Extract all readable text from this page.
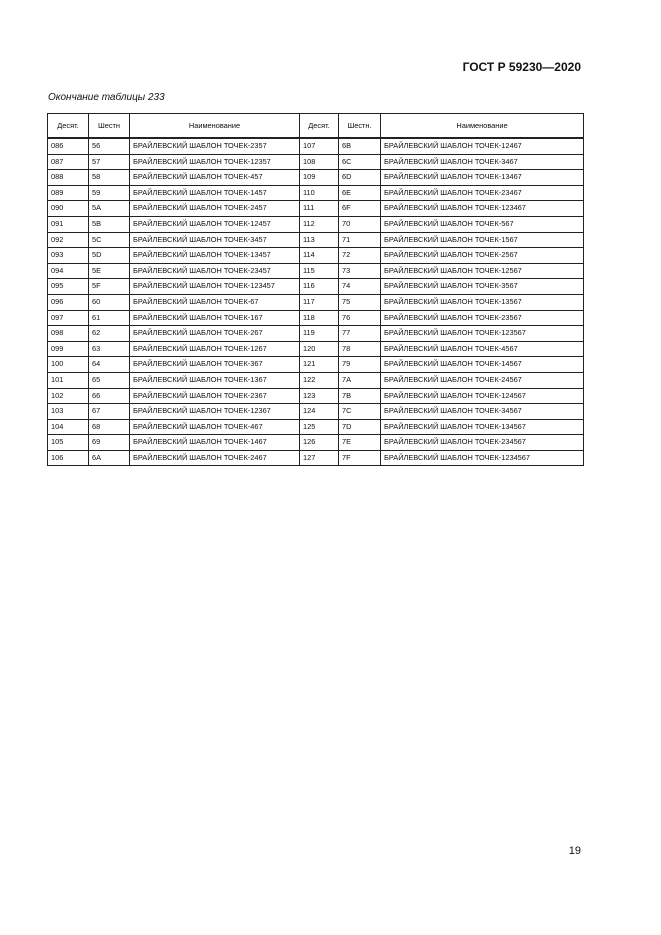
ГОСТ Р 59230—2020
Окончание таблицы 233
Десят.	Шестн	Наименование	Десят.	Шестн.	Наименование
086	56	БРАЙЛЕВСКИЙ ШАБЛОН ТОЧЕК-2357	107	6B	БРАЙЛЕВСКИЙ ШАБЛОН ТОЧЕК-12467
087	57	БРАЙЛЕВСКИЙ ШАБЛОН ТОЧЕК-12357	108	6C	БРАЙЛЕВСКИЙ ШАБЛОН ТОЧЕК-3467
088	58	БРАЙЛЕВСКИЙ ШАБЛОН ТОЧЕК-457	109	6D	БРАЙЛЕВСКИЙ ШАБЛОН ТОЧЕК-13467
089	59	БРАЙЛЕВСКИЙ ШАБЛОН ТОЧЕК-1457	110	6E	БРАЙЛЕВСКИЙ ШАБЛОН ТОЧЕК-23467
090	5A	БРАЙЛЕВСКИЙ ШАБЛОН ТОЧЕК-2457	111	6F	БРАЙЛЕВСКИЙ ШАБЛОН ТОЧЕК-123467
091	5B	БРАЙЛЕВСКИЙ ШАБЛОН ТОЧЕК-12457	112	70	БРАЙЛЕВСКИЙ ШАБЛОН ТОЧЕК-567
092	5C	БРАЙЛЕВСКИЙ ШАБЛОН ТОЧЕК-3457	113	71	БРАЙЛЕВСКИЙ ШАБЛОН ТОЧЕК-1567
093	5D	БРАЙЛЕВСКИЙ ШАБЛОН ТОЧЕК-13457	114	72	БРАЙЛЕВСКИЙ ШАБЛОН ТОЧЕК-2567
094	5E	БРАЙЛЕВСКИЙ ШАБЛОН ТОЧЕК-23457	115	73	БРАЙЛЕВСКИЙ ШАБЛОН ТОЧЕК-12567
095	5F	БРАЙЛЕВСКИЙ ШАБЛОН ТОЧЕК-123457	116	74	БРАЙЛЕВСКИЙ ШАБЛОН ТОЧЕК-3567
096	60	БРАЙЛЕВСКИЙ ШАБЛОН ТОЧЕК-67	117	75	БРАЙЛЕВСКИЙ ШАБЛОН ТОЧЕК-13567
097	61	БРАЙЛЕВСКИЙ ШАБЛОН ТОЧЕК-167	118	76	БРАЙЛЕВСКИЙ ШАБЛОН ТОЧЕК-23567
098	62	БРАЙЛЕВСКИЙ ШАБЛОН ТОЧЕК-267	119	77	БРАЙЛЕВСКИЙ ШАБЛОН ТОЧЕК-123567
099	63	БРАЙЛЕВСКИЙ ШАБЛОН ТОЧЕК-1267	120	78	БРАЙЛЕВСКИЙ ШАБЛОН ТОЧЕК-4567
100	64	БРАЙЛЕВСКИЙ ШАБЛОН ТОЧЕК-367	121	79	БРАЙЛЕВСКИЙ ШАБЛОН ТОЧЕК-14567
101	65	БРАЙЛЕВСКИЙ ШАБЛОН ТОЧЕК-1367	122	7A	БРАЙЛЕВСКИЙ ШАБЛОН ТОЧЕК-24567
102	66	БРАЙЛЕВСКИЙ ШАБЛОН ТОЧЕК-2367	123	7B	БРАЙЛЕВСКИЙ ШАБЛОН ТОЧЕК-124567
103	67	БРАЙЛЕВСКИЙ ШАБЛОН ТОЧЕК-12367	124	7C	БРАЙЛЕВСКИЙ ШАБЛОН ТОЧЕК-34567
104	68	БРАЙЛЕВСКИЙ ШАБЛОН ТОЧЕК-467	125	7D	БРАЙЛЕВСКИЙ ШАБЛОН ТОЧЕК-134567
105	69	БРАЙЛЕВСКИЙ ШАБЛОН ТОЧЕК-1467	126	7E	БРАЙЛЕВСКИЙ ШАБЛОН ТОЧЕК-234567
106	6A	БРАЙЛЕВСКИЙ ШАБЛОН ТОЧЕК-2467	127	7F	БРАЙЛЕВСКИЙ ШАБЛОН ТОЧЕК-1234567
19
